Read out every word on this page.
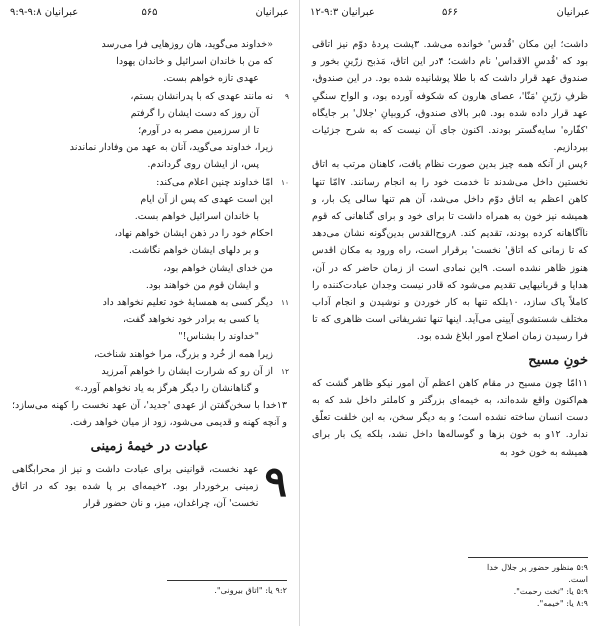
عبرانیان
۵۶۵
۹:۹-۹:۸ عبرانیان
«خداوند می‌گوید، هان روزهایی فرا می‌رسد
که من با خاندان اسرائیل و خاندان یهودا
عهدی تازه خواهم بست.
۹
نه مانند عهدی که با پدرانشان بستم،
آن روز که دست ایشان را گرفتم
تا از سرزمین مصر به در آورم؛
زیرا، خداوند می‌گوید، آنان به عهد من وفادار نماندند
پس، از ایشان روی گرداندم.
۱۰
امّا خداوند چنین اعلام می‌کند:
این است عهدی که پس از آن ایام
با خاندان اسرائیل خواهم بست.
احکام خود را در ذهن ایشان خواهم نهاد،
و بر دلهای ایشان خواهم نگاشت.
من خدای ایشان خواهم بود،
و ایشان قوم من خواهند بود.
۱۱
دیگر کسی به همسایهٔ خود تعلیم نخواهد داد
یا کسی به برادر خود نخواهد گفت،
"خداوند را بشناس!"
زیرا همه از خُرد و بزرگ، مرا خواهند شناخت،
۱۲
از آن رو که شرارت ایشان را خواهم آمرزید
و گناهانشان را دیگر هرگز به یاد نخواهم آورد.»

۱۳خدا با سخن‌گفتن از عهدی 'جدید'، آن عهد نخست را کهنه می‌سازد؛ و آنچه کهنه و قدیمی می‌شود، زود از میان خواهد رفت.

عبادت در خیمهٔ زمینی

۹
عهد نخست، قوانینی برای عبادت داشت و نیز از محرابگاهی زمینی برخوردار بود. ۲خیمه‌ای بر پا شده بود که در اتاق نخست' آن، چراغدان، میز، و نان حضور قرار

۹:۲ یا: "اتاق بیرونی".

عبرانیان
۵۶۶
۱۲-۹:۳ عبرانیان

داشت؛ این مکان 'قُدس' خوانده می‌شد. ۳پشت پردهٔ دوّم نیز اتاقی بود که 'قُدسِ الاقداس' نام داشت؛ ۴در این اتاق، مَذبح زرّینِ بخور و صندوق عهد قرار داشت که با طلا پوشانیده شده بود. در این صندوق، ظرفِ زرّینِ 'مَنّا'، عصای هارون که شکوفه آورده بود، و الواح سنگیِ عهد قرار داده شده بود. ۵بر بالای صندوق، کروبیانِ 'جلال' بر جایگاه 'کفّاره' سایه‌گستر بودند. اکنون جای آن نیست که به شرح جزئیات بپردازیم.

۶پس از آنکه همه چیز بدین صورت نظام یافت، کاهنان مرتب به اتاق نخستین داخل می‌شدند تا خدمت خود را به انجام رسانند. ۷امّا تنها کاهن اعظم به اتاق دوّم داخل می‌شد، آن هم تنها سالی یک بار، و همیشه نیز خون به همراه داشت تا برای خود و برای گناهانی که قوم ناآگاهانه کرده بودند، تقدیم کند. ۸روح‌القدس بدین‌گونه نشان می‌دهد که تا زمانی که اتاق' نخست' برقرار است، راه ورود به مکان اقدس هنوز ظاهر نشده است. ۹این نمادی است از زمان حاضر که در آن، هدایا و قربانیهایی تقدیم می‌شود که قادر نیست وجدان عبادت‌کننده را کاملاً پاک سازد، ۱۰بلکه تنها به کار خوردن و نوشیدن و انجام آداب مختلف شستشوی آیینی می‌آید. اینها تنها تشریفاتی است ظاهری که تا فرا رسیدن زمان اصلاح امور ابلاغ شده بود.

خونِ مسیح

۱۱امّا چون مسیح در مقام کاهن اعظم آن امور نیکو ظاهر گشت که هم‌اکنون واقع شده‌اند، به خیمه‌ای بزرگتر و کاملتر داخل شد که به دست انسان ساخته نشده است؛ و به دیگر سخن، به این خلقت تعلّق ندارد. ۱۲و به خون بزها و گوساله‌ها داخل نشد، بلکه یک بار برای همیشه به خون خود به

۵:۹ منظور حضور پر جلال خدا است.

۵:۹ یا: "تخت رحمت".

۸:۹ یا: "خیمه".
